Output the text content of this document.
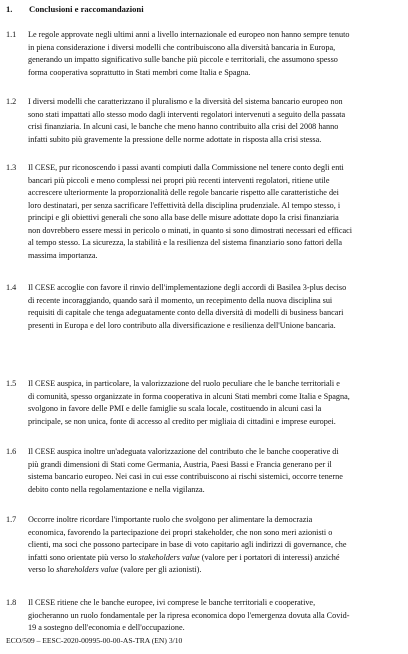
1. Conclusioni e raccomandazioni
1.1 Le regole approvate negli ultimi anni a livello internazionale ed europeo non hanno sempre tenuto
in piena considerazione i diversi modelli che contribuiscono alla diversità bancaria in Europa,
generando un impatto significativo sulle banche più piccole e territoriali, che assumono spesso
forma cooperativa soprattutto in Stati membri come Italia e Spagna.
1.2 I diversi modelli che caratterizzano il pluralismo e la diversità del sistema bancario europeo non
sono stati impattati allo stesso modo dagli interventi regolatori intervenuti a seguito della passata
crisi finanziaria. In alcuni casi, le banche che meno hanno contribuito alla crisi del 2008 hanno
infatti subito più gravemente la pressione delle norme adottate in risposta alla crisi stessa.
1.3 Il CESE, pur riconoscendo i passi avanti compiuti dalla Commissione nel tenere conto degli enti
bancari più piccoli e meno complessi nei propri più recenti interventi regolatori, ritiene utile
accrescere ulteriormente la proporzionalità delle regole bancarie rispetto alle caratteristiche dei
loro destinatari, per senza sacrificare l'effettività della disciplina prudenziale. Al tempo stesso, i
principi e gli obiettivi generali che sono alla base delle misure adottate dopo la crisi finanziaria
non dovrebbero essere messi in pericolo o minati, in quanto si sono dimostrati necessari ed efficaci
al tempo stesso. La sicurezza, la stabilità e la resilienza del sistema finanziario sono fattori della
massima importanza.
1.4 Il CESE accoglie con favore il rinvio dell'implementazione degli accordi di Basilea 3-plus deciso
di recente incoraggiando, quando sarà il momento, un recepimento della nuova disciplina sui
requisiti di capitale che tenga adeguatamente conto della diversità di modelli di business bancari
presenti in Europa e del loro contributo alla diversificazione e resilienza dell'Unione bancaria.
1.5 Il CESE auspica, in particolare, la valorizzazione del ruolo peculiare che le banche territoriali e
di comunità, spesso organizzate in forma cooperativa in alcuni Stati membri come Italia e Spagna,
svolgono in favore delle PMI e delle famiglie su scala locale, costituendo in alcuni casi la
principale, se non unica, fonte di accesso al credito per migliaia di cittadini e imprese europei.
1.6 Il CESE auspica inoltre un'adeguata valorizzazione del contributo che le banche cooperative di
più grandi dimensioni di Stati come Germania, Austria, Paesi Bassi e Francia generano per il
sistema bancario europeo. Nei casi in cui esse contribuiscono ai rischi sistemici, occorre tenerne
debito conto nella regolamentazione e nella vigilanza.
1.7 Occorre inoltre ricordare l'importante ruolo che svolgono per alimentare la democrazia
economica, favorendo la partecipazione dei propri stakeholder, che non sono meri azionisti o
clienti, ma soci che possono partecipare in base di voto capitario agli indirizzi di governance, che
infatti sono orientate più verso lo stakeholders value (valore per i portatori di interessi) anziché
verso lo shareholders value (valore per gli azionisti).
1.8 Il CESE ritiene che le banche europee, ivi comprese le banche territoriali e cooperative,
giocheranno un ruolo fondamentale per la ripresa economica dopo l'emergenza dovuta alla Covid-
19 a sostegno dell'economia e dell'occupazione.
ECO/509 – EESC-2020-00995-00-00-AS-TRA (EN) 3/10
